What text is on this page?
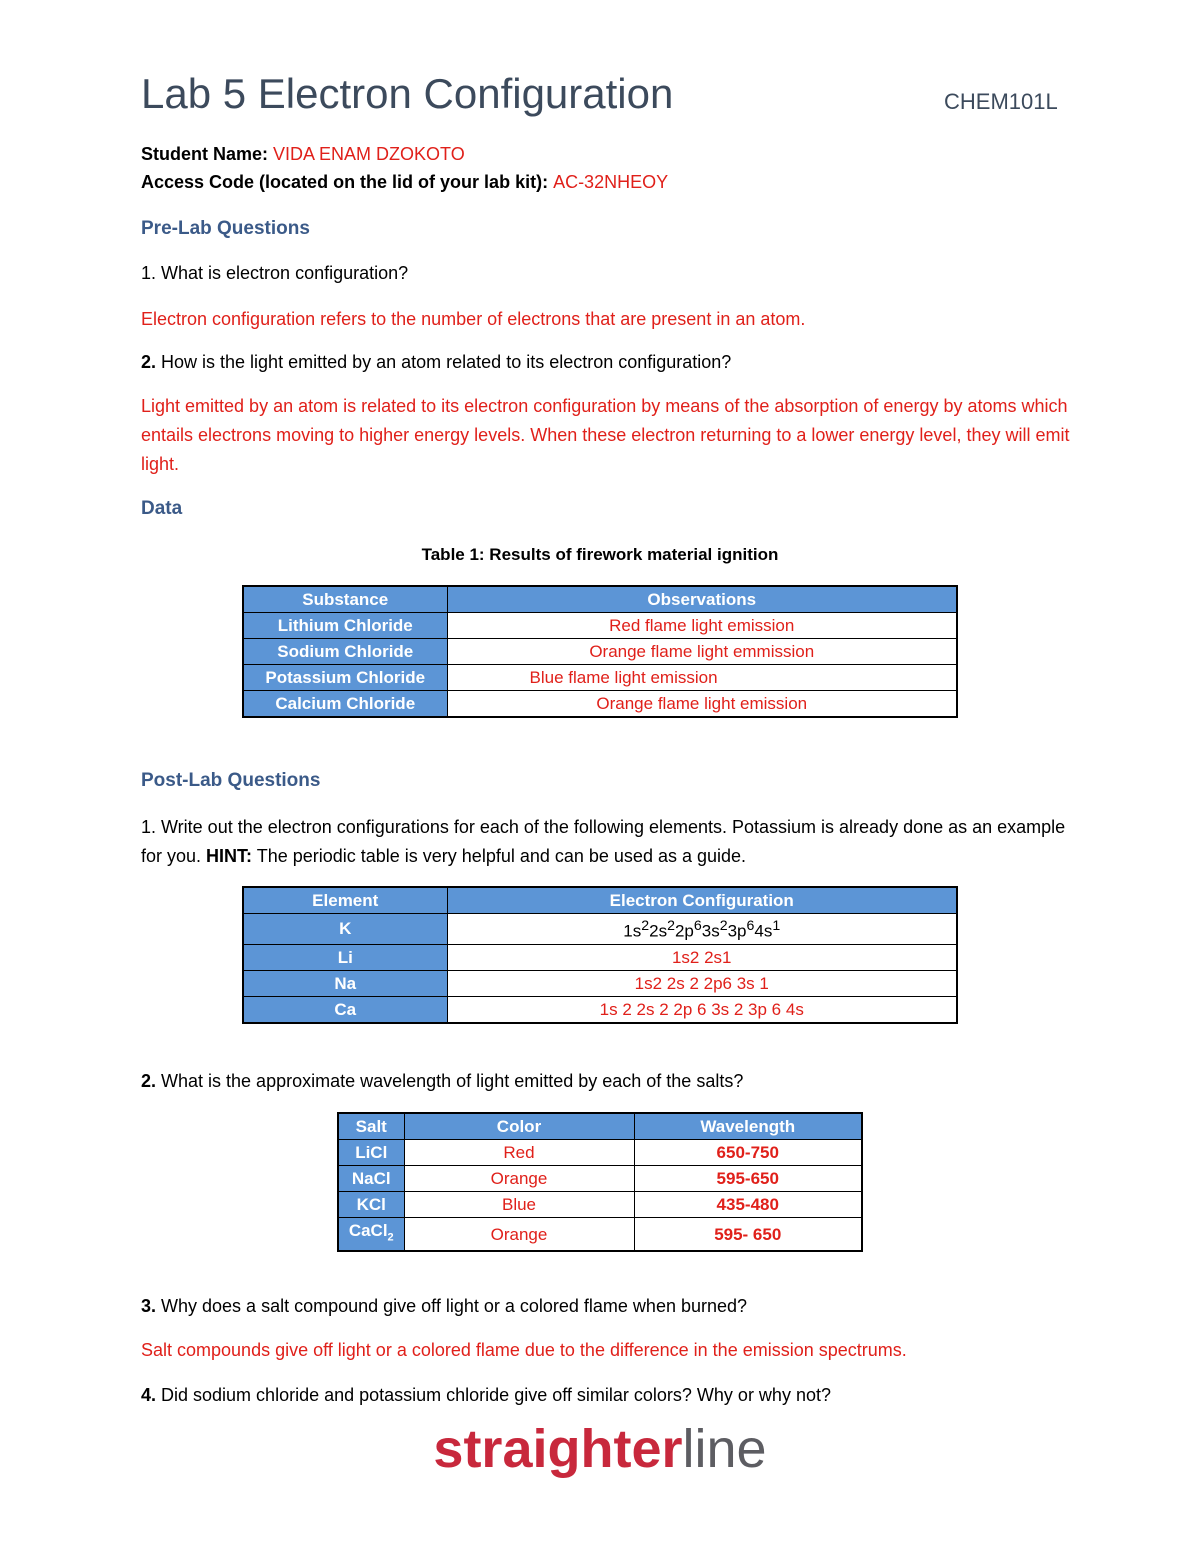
Lab 5 Electron Configuration	CHEM101L
Student Name: VIDA ENAM DZOKOTO
Access Code (located on the lid of your lab kit): AC-32NHEOY
Pre-Lab Questions
1. What is electron configuration?
Electron configuration refers to the number of electrons that are present in an atom.
2. How is the light emitted by an atom related to its electron configuration?
Light emitted by an atom is related to its electron configuration by means of the absorption of energy by atoms which entails electrons moving to higher energy levels. When these electron returning to a lower energy level, they will emit light.
Data
Table 1: Results of firework material ignition
Substance	Observations
Lithium Chloride	Red flame light emission
Sodium Chloride	Orange flame light emmission
Potassium Chloride	Blue flame light emission
Calcium Chloride	Orange flame light emission
Post-Lab Questions
1. Write out the electron configurations for each of the following elements. Potassium is already done as an example for you. HINT: The periodic table is very helpful and can be used as a guide.
Element	Electron Configuration
K	$1s^22s^22p^63s^23p^64s^1$
Li	1s2 2s1
Na	1s2 2s 2 2p6 3s 1
Ca	1s 2 2s 2 2p 6 3s 2 3p 6 4s
2. What is the approximate wavelength of light emitted by each of the salts?
Salt	Color	Wavelength
LiCl	Red	650-750
NaCl	Orange	595-650
KCl	Blue	435-480
CaCl$_2$	Orange	595- 650
3. Why does a salt compound give off light or a colored flame when burned?
Salt compounds give off light or a colored flame due to the difference in the emission spectrums.
4. Did sodium chloride and potassium chloride give off similar colors? Why or why not?
straighterline
